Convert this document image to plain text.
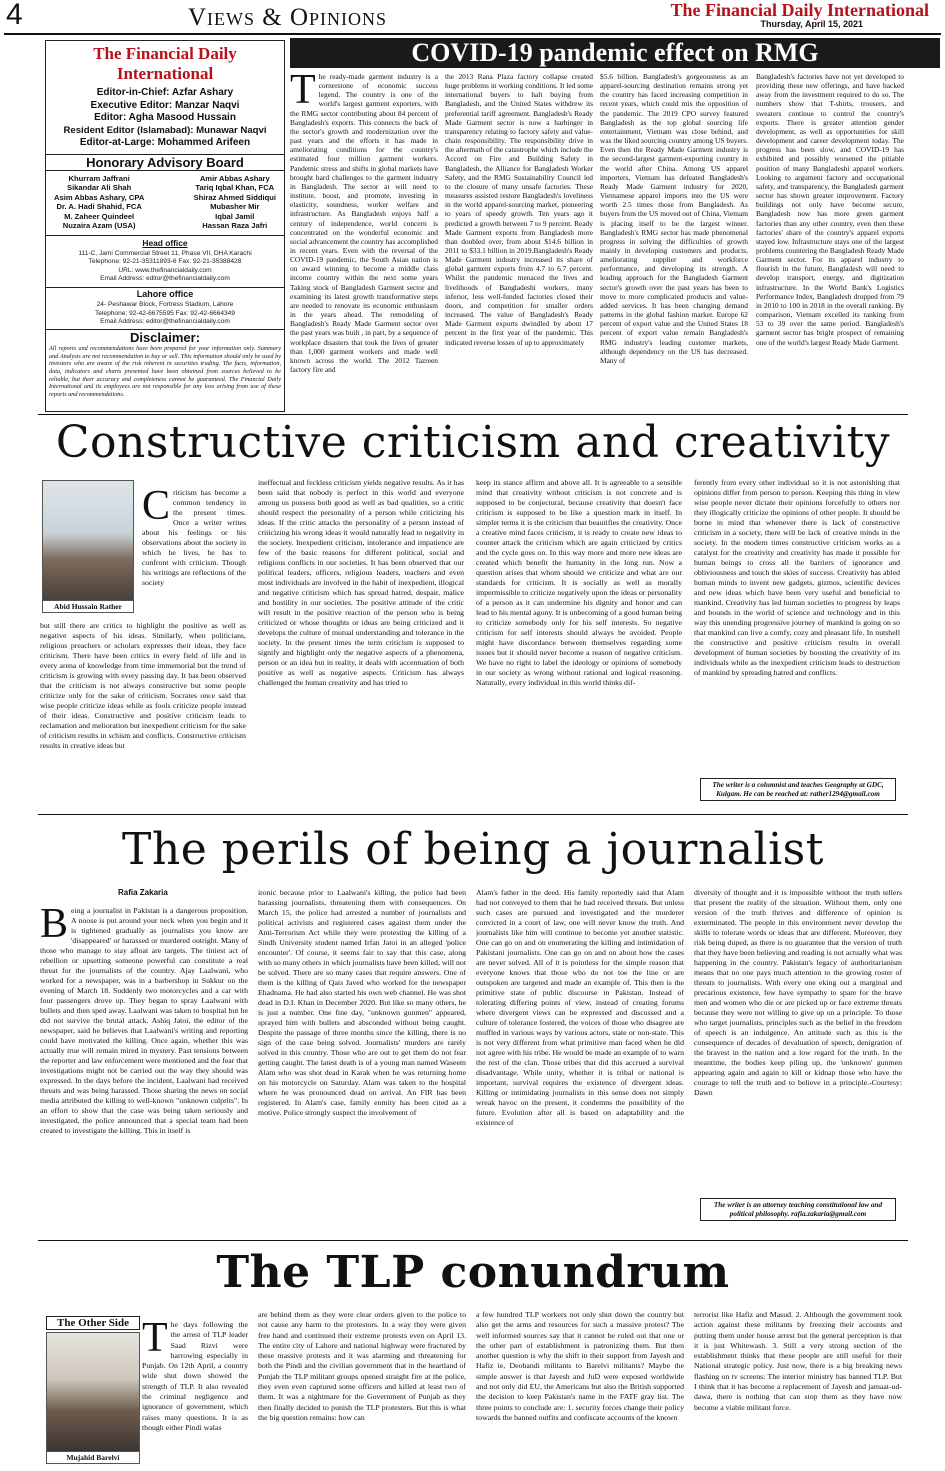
4	Views & Opinions	The Financial Daily International
Thursday, April 15, 2021
The Financial Daily International
Editor-in-Chief: Azfar Ashary
Executive Editor: Manzar Naqvi
Editor: Agha Masood Hussain
Resident Editor (Islamabad): Munawar Naqvi
Editor-at-Large: Mohammed Arifeen
Honorary Advisory Board
Khurram Jaffrani
Sikandar Ali Shah
Asim Abbas Ashary, CPA
Dr. A. Hadi Shahid, FCA
M. Zaheer Quindeel
Nuzaira Azam (USA)
Amir Abbas Ashary
Tariq Iqbal Khan, FCA
Shiraz Ahmed Siddiqui
Mubasher Mir
Iqbal Jamil
Hassan Raza Jafri
Head office
111-C, Jami Commercial Street 11, Phase VII, DHA Karachi
Telephone: 92-21-35311893-6 Fax: 92-21-35388428
URL: www.thefinancialdaily.com
Email Address: editor@thefinancialdaily.com
Lahore office
24- Peshawar Block, Fortress Stadium, Lahore
Telephone: 92-42-6675595 Fax: 92-42-6664349
Email Address: editor@thefinancialdaily.com
Disclaimer:
All reports and recommendations have been prepared for your information only. Summary and Analysis are not recommendation to buy or sell. This information should only be used by investors who are aware of the risk inherent in securities trading. The facts, information, data, indicators and charts presented have been obtained from sources believed to be reliable, but their accuracy and completeness cannot be guaranteed. The Financial Daily International and its employees are not responsible for any loss arising from use of these reports and recommendations.
COVID-19 pandemic effect on RMG
The ready-made garment industry is a cornerstone of economic success legend. The country is one of the world's largest garment exporters, with the RMG sector contributing about 84 percent of Bangladesh's exports. This connects the back of the sector's growth and modernization over the past years and the efforts it has made in ameliorating conditions for the country's estimated four million garment workers. Pandemic stress and shifts in global markets have brought hard challenges to the garment industry in Bangladesh. The sector at will need to institute, boost, and promote, investing in elasticity, soundness, worker welfare and infrastructure. As Bangladesh enjoys half a century of independence, world concern is concentrated on the wonderful economic and social advancement the country has accomplished in recent years. Even with the reversal of the COVID-19 pandemic, the South Asian nation is on award winning to become a middle class income country within the next some years Taking stock of Bangladesh Garment sector and examining its latest growth transformative steps are needed to renovate its economic enthusiasm in the years ahead. The remodeling of Bangladesh's Ready Made Garment sector over the past years was built , in part, by a sequence of workplace disasters that took the lives of greater than 1,000 garment workers and made well known across the world. The 2012 Tazreen factory fire and
the 2013 Rana Plaza factory collapse created huge problems in working conditions. It led some international buyers to halt buying from Bangladesh, and the United States withdrew its preferential tariff agreement. Bangladesh's Ready Made Garment sector is now a harbinger in transparency relating to factory safety and value-chain responsibility. The responsibility drive in the aftermath of the catastrophe which include the Accord on Fire and Building Safety in Bangladesh, the Alliance for Bangladesh Worker Safety, and the RMG Sustainability Council led to the closure of many unsafe factories. These measures assisted restore Bangladesh's loveliness in the world apparel-sourcing market, pioneering to years of speedy growth. Ten years ago it predicted a growth between 7 to 9 percent. Ready Made Garment exports from Bangladesh more than doubled over, from about $14.6 billion in 2011 to $33.1 billion in 2019.Bangladesh's Ready Made Garment industry increased its share of global garment exports from 4.7 to 6.7 percent. Whilst the pandemic menaced the lives and livelihoods of Bangladeshi workers, many inferior, less well-funded factories closed their doors, and competition for smaller orders increased. The value of Bangladesh's Ready Made Garment exports dwindled by about 17 percent in the first year of the pandemic. This indicated reverse losses of up to approximately
$5.6 billion. Bangladesh's gorgeousness as an apparel-sourcing destination remains strong yet the country has faced increasing competition in recent years, which could mix the opposition of the pandemic. The 2019 CPO survey featured Bangladesh as the top global sourcing life entertainment, Vietnam was close behind, and was the liked sourcing country among US buyers. Even then the Ready Made Garment industry is the second-largest garment-exporting country in the world after China. Among US apparel importers, Vietnam has defeated Bangladesh's Ready Made Garment industry for 2020, Vietnamese apparel imports into the US were worth 2.5 times those from Bangladesh. As buyers from the US moved out of China, Vietnam is placing itself to be the largest winner. Bangladesh's RMG sector has made phenomenal progress in solving the difficulties of growth mainly in developing customers and products, ameliorating supplier and workforce performance, and developing its strength. A leading approach for the Bangladesh Garment sector's growth over the past years has been to move to more complicated products and value-added services. It has been changing demand patterns in the global fashion market. Europe 62 percent of export value and the United States 18 percent of export value remain Bangladesh's RMG industry's leading customer markets, although dependency on the US has decreased. Many of
Bangladesh's factories have not yet developed to providing these new offerings, and have backed away from the investment required to do so. The numbers show that T-shirts, trousers, and sweaters continue to control the country's exports. There is greater attention gender development, as well as opportunities for skill development and career development today. The progress has been slow, and COVID-19 has exhibited and possibly worsened the pitiable position of many Bangladeshi apparel workers. Looking to argument factory and occupational safety, and transparency, the Bangladesh garment sector has shown greater improvement. Factory buildings not only have become secure, Bangladesh now has more green garment factories than any other country, even then these factories' share of the country's apparel exports stayed low. Infrastructure stays one of the largest problems countering the Bangladesh Ready Made Garment sector. For its apparel industry to flourish in the future, Bangladesh will need to develop transport, energy, and digitization infrastructure. In the World Bank's Logistics Performance Index, Bangladesh dropped from 79 in 2010 to 100 in 2018 in the overall ranking. By comparison, Vietnam excelled its ranking from 53 to 39 over the same period. Bangladesh's garment sector has bright prospect of remaining one of the world's largest Ready Made Garment.
Constructive criticism and creativity
Abid Hussain Rather
Criticism has become a common tendency in the present times. Once a writer writes about his feelings or his observations about the society in which he lives, he has to confront with criticism. Though his writings are reflections of the society
but still there are critics to highlight the positive as well as negative aspects of his ideas. Similarly, when politicians, religious preachers or scholars expresses their ideas, they face criticism. There have been critics in every field of life and in every arena of knowledge from time immemorial but the trend of criticism is growing with every passing day. It has been observed that the criticism is not always constructive but some people criticize only for the sake of criticism. Socrates once said that wise people criticize ideas while as fools criticize people instead of their ideas. Constructive and positive criticism leads to reclamation and melioration but inexpedient criticism for the sake of criticism results in schism and conflicts. Constructive criticism results in creative ideas but
ineffectual and feckless criticism yields negative results. As it has been said that nobody is perfect in this world and everyone among us possess both good as well as bad qualities, so a critic should respect the personality of a person while criticizing his ideas. If the critic attacks the personality of a person instead of criticizing his wrong ideas it would naturally lead to negativity in the society. Inexpedient criticism, intolerance and impatience are few of the basic reasons for different political, social and religious conflicts in our societies. It has been observed that our political leaders, officers, religious leaders, teachers and even most individuals are involved in the habit of inexpedient, illogical and negative criticism which has spread hatred, despair, malice and hostility in our societies. The positive attitude of the critic will result in the positive reaction of the person who is being criticized or whose thoughts or ideas are being criticized and it develops the culture of mutual understanding and tolerance in the society. In the present times the term criticism is supposed to signify and highlight only the negative aspects of a phenomena, person or an idea but in reality, it deals with accentuation of both positive as well as negative aspects. Criticism has always challenged the human creativity and has tried to
keep its stance affirm and above all. It is agreeable to a sensible mind that creativity without criticism is not concrete and is supposed to be conjectural, because creativity that doesn't face criticism is supposed to be like a question mark in itself. In simpler terms it is the criticism that beautifies the creativity. Once a creative mind faces criticism, it is ready to create new ideas to counter attack the criticism which are again criticized by critics and the cycle goes on. In this way more and more new ideas are created which benefit the humanity in the long run. Now a question arises that whom should we criticize and what are our standards for criticism. It is socially as well as morally impermissible to criticize negatively upon the ideas or personality of a person as it can undermine his dignity and honor and can lead to his mental agony. It is unbecoming of a good human being to criticize somebody only for his self interests. So negative criticism for self interests should always be avoided. People might have discordance between themselves regarding some issues but it should never become a reason of negative criticism. We have no right to label the ideology or opinions of somebody in our society as wrong without rational and logical reasoning. Naturally, every individual in this world thinks dif-
ferently from every other individual so it is not astonishing that opinions differ from person to person. Keeping this thing in view wise people never dictate their opinions forcefully to others nor they illogically criticize the opinions of other people. It should be borne in mind that whenever there is lack of constructive criticism in a society, there will be lack of creative minds in the society. In the modern times constructive criticism works as a catalyst for the creativity and creativity has made it possible for human beings to cross all the barriers of ignorance and obliviousness and touch the skies of success. Creativity has abled human minds to invent new gadgets, gizmos, scientific devices and new ideas which have been very useful and beneficial to mankind. Creativity has led human societies to progress by leaps and bounds in the world of science and technology and in this way this unending progressive journey of mankind is going on so that mankind can live a comfy, cozy and pleasant life. In nutshell the constructive and positive criticism results in overall development of human societies by boosting the creativity of its individuals while as the inexpedient criticism leads to destruction of mankind by spreading hatred and conflicts.
The writer is a columnist and teaches Geography at GDC, Kulgam. He can be reached at: rather1294@gmail.com
The perils of being a journalist
Rafia Zakaria
Being a journalist in Pakistan is a dangerous proposition. A noose is put around your neck when you begin and it is tightened gradually as journalists you know are 'disappeared' or harassed or murdered outright. Many of those who manage to stay afloat are targets. The tiniest act of rebellion or upsetting someone powerful can constitute a real threat for the journalists of the country. Ajay Laalwani, who worked for a newspaper, was in a barbershop in Sukkur on the evening of March 18. Suddenly two motorcycles and a car with four passengers drove up. They began to spray Laalwani with bullets and then sped away. Laalwani was taken to hospital but he did not survive the brutal attack. Ashiq Jatoi, the editor of the newspaper, said he believes that Laalwani's writing and reporting could have motivated the killing. Once again, whether this was actually true will remain mired in mystery. Past tensions between the reporter and law enforcement were mentioned and the fear that investigations might not be carried out the way they should was expressed. In the days before the incident, Laalwani had received threats and was being harassed. Those sharing the news on social media attributed the killing to well-known "unknown culprits". In an effort to show that the case was being taken seriously and investigated, the police announced that a special team had been created to investigate the killing. This in itself is
ironic because prior to Laalwani's killing, the police had been harassing journalists, threatening them with consequences. On March 15, the police had arrested a number of journalists and political activists and registered cases against them under the Anti-Terrorism Act while they were protesting the killing of a Sindh University student named Irfan Jatoi in an alleged 'police encounter'. Of course, it seems fair to say that this case, along with so many others in which journalists have been killed, will not be solved. There are so many cases that require answers. One of them is the killing of Qais Javed who worked for the newspaper Ehadnama. He had also started his own web channel. He was shot dead in D.I. Khan in December 2020. But like so many others, he is just a number. One fine day, "unknown gunmen" appeared, sprayed him with bullets and absconded without being caught. Despite the passage of three months since the killing, there is no sign of the case being solved. Journalists' murders are rarely solved in this country. Those who are out to get them do not fear getting caught. The latest death is of a young man named Waseem Alam who was shot dead in Karak when he was returning home on his motorcycle on Saturday. Alam was taken to the hospital where he was pronounced dead on arrival. An FIR has been registered. In Alam's case, family enmity has been cited as a motive. Police strongly suspect the involvement of
Alam's father in the deed. His family reportedly said that Alam had not conveyed to them that he had received threats. But unless such cases are pursued and investigated and the murderer convicted in a court of law, one will never know the truth. And journalists like him will continue to become yet another statistic. One can go on and on enumerating the killing and intimidation of Pakistani journalists. One can go on and on about how the cases are never solved. All of it is pointless for the simple reason that everyone knows that those who do not toe the line or are outspoken are targeted and made an example of. This then is the primitive state of public discourse in Pakistan. Instead of tolerating differing points of view, instead of creating forums where divergent views can be expressed and discussed and a culture of tolerance fostered, the voices of those who disagree are muffled in various ways by various actors, state or non-state. This is not very different from what primitive man faced when he did not agree with his tribe. He would be made an example of to warn the rest of the clan. Those tribes that did this accrued a survival disadvantage. While unity, whether it is tribal or national is important, survival requires the existence of divergent ideas. Killing or intimidating journalists in this sense does not simply wreak havoc on the present, it condemns the possibility of the future. Evolution after all is based on adaptability and the existence of
diversity of thought and it is impossible without the truth tellers that present the reality of the situation. Without them, only one version of the truth thrives and difference of opinion is exterminated. The people in this environment never develop the skills to tolerate words or ideas that are different. Moreover, they risk being duped, as there is no guarantee that the version of truth that they have been believing and reading is not actually what was happening in the country. Pakistan's legacy of authoritarianism means that no one pays much attention to the growing roster of threats to journalists. With every one eking out a marginal and precarious existence, few have sympathy to spare for the brave men and women who die or are picked up or face extreme threats because they were not willing to give up on a principle. To those who target journalists, principles such as the belief in the freedom of speech is an indulgence. An attitude such as this is the consequence of decades of devaluation of speech, denigration of the bravest in the nation and a low regard for the truth. In the meantime, the bodies keep piling up, the 'unknown' gunmen appearing again and again to kill or kidnap those who have the courage to tell the truth and to believe in a principle.-Courtesy: Dawn
The writer is an attorney teaching constitutional law and political philosophy. rafia.zakaria@gmail.com
The TLP conundrum
The Other Side
Mujahid Barelvi
The days following the the arrest of TLP leader Saad Rizvi were harrowing especially in Punjab. On 12th April, a country wide shut down showed the strength of TLP. It also revealed the criminal negligence and ignorance of government, which raises many questions. It is as though either Pindi walas
are behind them as they were clear orders given to the police to not cause any harm to the protestors. In a way they were given free hand and continued their extreme protests even on April 13. The entire city of Lahore and national highway were fractured by these massive protests and it was alarming and threatening for both the Pindi and the civilian government that in the heartland of Punjab the TLP militant groups opened straight fire at the police, they even even captured some officers and killed at least two of them. It was a nightmare for the Government of Punjab as they then finally decided to punish the TLP protesters. But this is what the big question remains: how can
a few hundred TLP workers not only shut down the country but also get the arms and resources for such a massive protest? The well informed sources say that it cannot be ruled out that one or the other part of establishment is patronizing them. But then another question is why the shift in their support from Jayesh and Hafiz ie, Deobandi militants to Barelvi militants? Maybe the simple answer is that Jayesh and JuD were exposed worldwide and not only did EU, the Americans but also the British supported the decision to keep Pakistan's name in the FATF gray list. The three points to conclude are: 1. security forces change their policy towards the banned outfits and confiscate accounts of the known
terrorist like Hafiz and Masud. 2. Although the government took action against these militants by freezing their accounts and putting them under house arrest but the general perception is that it is just Whitewash. 3. Still a very strong section of the establishment thinks that these people are still useful for their National strategic policy. Just now, there is a big breaking news flashing on tv screens: The interior ministry has banned TLP. But I think that it has become a replacement of Jayesh and jamaat-ud-dawa, there is nothing that can stop them as they have now become a viable militant force.
